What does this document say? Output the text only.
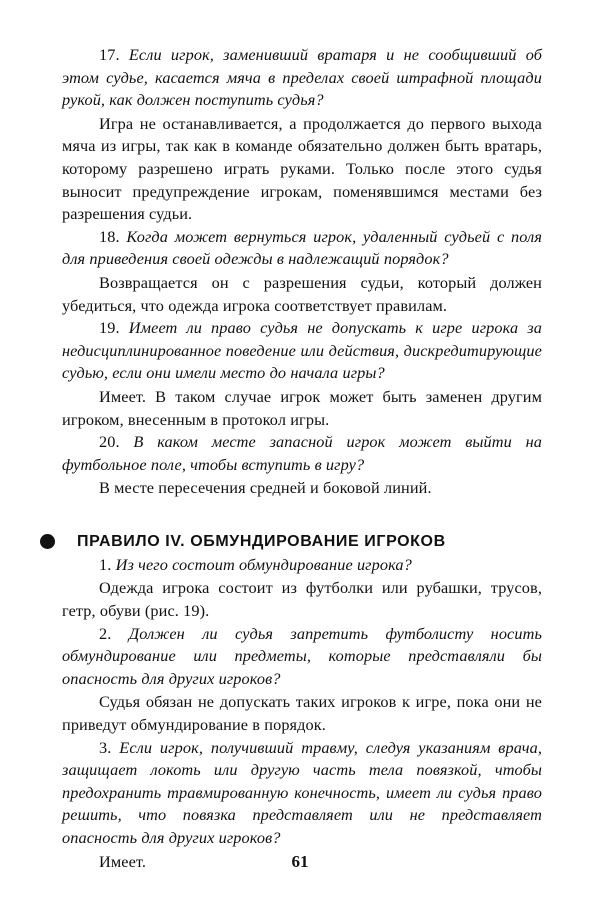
17. Если игрок, заменивший вратаря и не сообщивший об этом судье, касается мяча в пределах своей штрафной площади рукой, как должен поступить судья?

Игра не останавливается, а продолжается до первого выхода мяча из игры, так как в команде обязательно должен быть вратарь, которому разрешено играть руками. Только после этого судья выносит предупреждение игрокам, поменявшимся местами без разрешения судьи.

18. Когда может вернуться игрок, удаленный судьей с поля для приведения своей одежды в надлежащий порядок?

Возвращается он с разрешения судьи, который должен убедиться, что одежда игрока соответствует правилам.

19. Имеет ли право судья не допускать к игре игрока за недисциплинированное поведение или действия, дискредитирующие судью, если они имели место до начала игры?

Имеет. В таком случае игрок может быть заменен другим игроком, внесенным в протокол игры.

20. В каком месте запасной игрок может выйти на футбольное поле, чтобы вступить в игру?

В месте пересечения средней и боковой линий.

ПРАВИЛО IV. ОБМУНДИРОВАНИЕ ИГРОКОВ

1. Из чего состоит обмундирование игрока?

Одежда игрока состоит из футболки или рубашки, трусов, гетр, обуви (рис. 19).

2. Должен ли судья запретить футболисту носить обмундирование или предметы, которые представляли бы опасность для других игроков?

Судья обязан не допускать таких игроков к игре, пока они не приведут обмундирование в порядок.

3. Если игрок, получивший травму, следуя указаниям врача, защищает локоть или другую часть тела повязкой, чтобы предохранить травмированную конечность, имеет ли судья право решить, что повязка представляет или не представляет опасность для других игроков?

Имеет.	61
